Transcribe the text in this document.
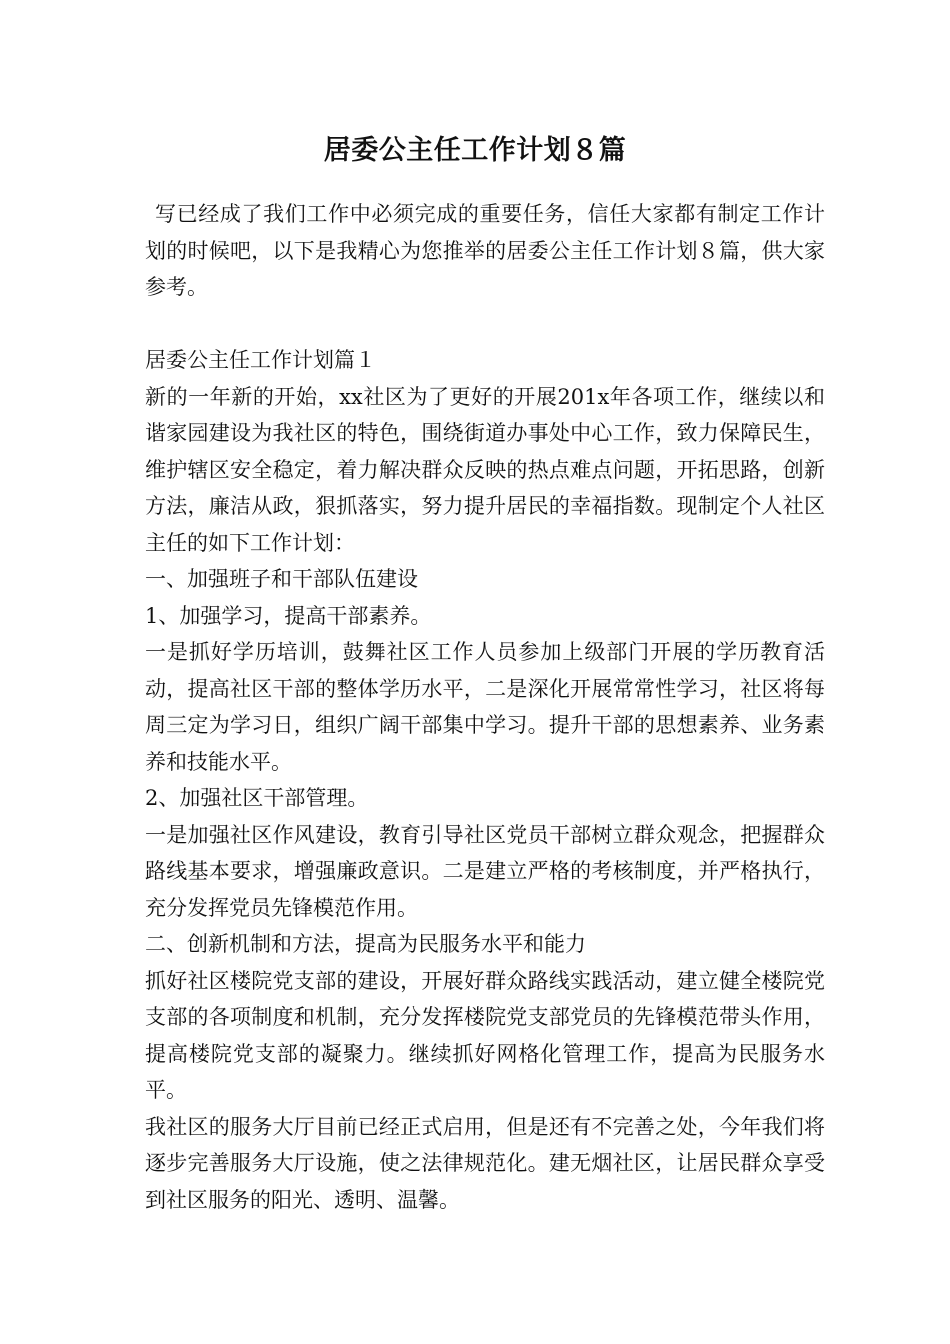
居委公主任工作计划８篇

写已经成了我们工作中必须完成的重要任务，信任大家都有制定工作计划的时候吧，以下是我精心为您推举的居委公主任工作计划８篇，供大家参考。

居委公主任工作计划篇１

新的一年新的开始，xx社区为了更好的开展201x年各项工作，继续以和谐家园建设为我社区的特色，围绕街道办事处中心工作，致力保障民生，维护辖区安全稳定，着力解决群众反映的热点难点问题，开拓思路，创新方法，廉洁从政，狠抓落实，努力提升居民的幸福指数。现制定个人社区主任的如下工作计划：

一、加强班子和干部队伍建设

1、加强学习，提高干部素养。

一是抓好学历培训，鼓舞社区工作人员参加上级部门开展的学历教育活动，提高社区干部的整体学历水平，二是深化开展常常性学习，社区将每周三定为学习日，组织广阔干部集中学习。提升干部的思想素养、业务素养和技能水平。

2、加强社区干部管理。

一是加强社区作风建设，教育引导社区党员干部树立群众观念，把握群众路线基本要求，增强廉政意识。二是建立严格的考核制度，并严格执行，充分发挥党员先锋模范作用。

二、创新机制和方法，提高为民服务水平和能力

抓好社区楼院党支部的建设，开展好群众路线实践活动，建立健全楼院党支部的各项制度和机制，充分发挥楼院党支部党员的先锋模范带头作用，提高楼院党支部的凝聚力。继续抓好网格化管理工作，提高为民服务水平。

我社区的服务大厅目前已经正式启用，但是还有不完善之处，今年我们将逐步完善服务大厅设施，使之法律规范化。建无烟社区，让居民群众享受到社区服务的阳光、透明、温馨。
